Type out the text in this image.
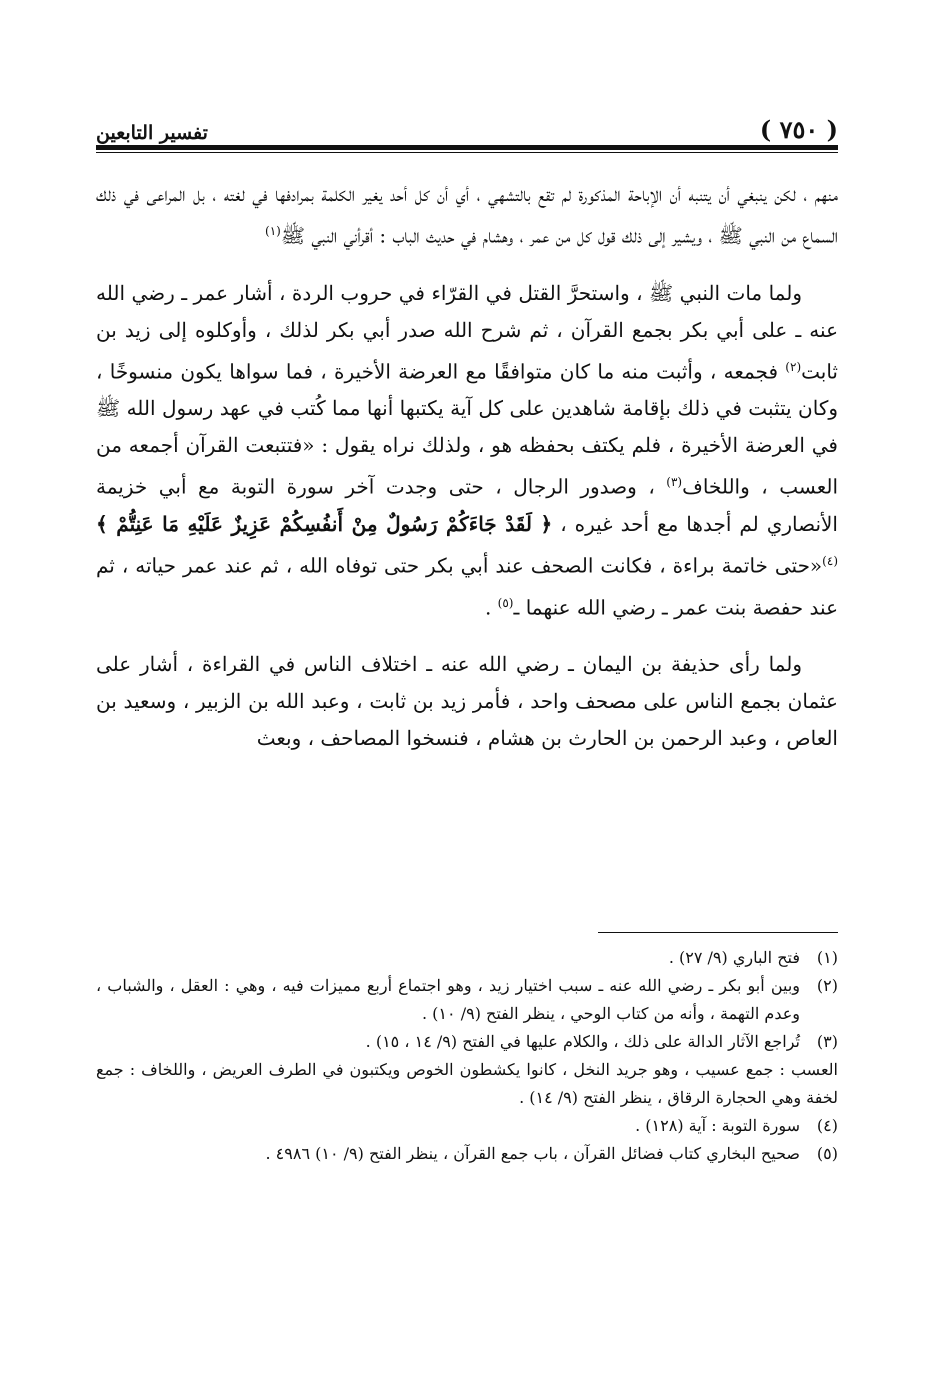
( ٧٥٠ )
تفسير التابعين

منهم ، لكن ينبغي أن يتنبه أن الإباحة المذكورة لم تقع بالتشهي ، أي أن كل أحد يغير الكلمة بمرادفها في لغته ، بل المراعى في ذلك السماع من النبي ﷺ ، ويشير إلى ذلك قول كل من عمر ، وهشام في حديث الباب : أقرأني النبي ﷺ$^{(١)}$

ولما مات النبي ﷺ ، واستحرَّ القتل في القرّاء في حروب الردة ، أشار عمر ـ رضي الله عنه ـ على أبي بكر بجمع القرآن ، ثم شرح الله صدر أبي بكر لذلك ، وأوكلوه إلى زيد بن ثابت$^{(٢)}$ فجمعه ، وأثبت منه ما كان متوافقًا مع العرضة الأخيرة ، فما سواها يكون منسوخًا ، وكان يتثبت في ذلك بإقامة شاهدين على كل آية يكتبها أنها مما كُتب في عهد رسول الله ﷺ في العرضة الأخيرة ، فلم يكتف بحفظه هو ، ولذلك نراه يقول : «فتتبعت القرآن أجمعه من العسب ، واللخاف$^{(٣)}$ ، وصدور الرجال ، حتى وجدت آخر سورة التوبة مع أبي خزيمة الأنصاري لم أجدها مع أحد غيره ، ﴿ لَقَدْ جَاءَكُمْ رَسُولٌ مِنْ أَنفُسِكُمْ عَزِيزٌ عَلَيْهِ مَا عَنِتُّمْ ﴾$^{(٤)}$«حتى خاتمة براءة ، فكانت الصحف عند أبي بكر حتى توفاه الله ، ثم عند عمر حياته ، ثم عند حفصة بنت عمر ـ رضي الله عنهما ـ$^{(٥)}$ .

ولما رأى حذيفة بن اليمان ـ رضي الله عنه ـ اختلاف الناس في القراءة ، أشار على عثمان بجمع الناس على مصحف واحد ، فأمر زيد بن ثابت ، وعبد الله بن الزبير ، وسعيد بن العاص ، وعبد الرحمن بن الحارث بن هشام ، فنسخوا المصاحف ، وبعث

(١)
فتح الباري (٩/ ٢٧) .
(٢)
وبين أبو بكر ـ رضي الله عنه ـ سبب اختيار زيد ، وهو اجتماع أربع مميزات فيه ، وهي : العقل ، والشباب ، وعدم التهمة ، وأنه من كتاب الوحي ، ينظر الفتح (٩/ ١٠) .
(٣)
تُراجع الآثار الدالة على ذلك ، والكلام عليها في الفتح (٩/ ١٤ ، ١٥) .
العسب : جمع عسيب ، وهو جريد النخل ، كانوا يكشطون الخوص ويكتبون في الطرف العريض ، واللخاف : جمع لخفة وهي الحجارة الرقاق ، ينظر الفتح (٩/ ١٤) .
(٤)
سورة التوبة : آية (١٢٨) .
(٥)
صحيح البخاري كتاب فضائل القرآن ، باب جمع القرآن ، ينظر الفتح (٩/ ١٠) ٤٩٨٦ .
